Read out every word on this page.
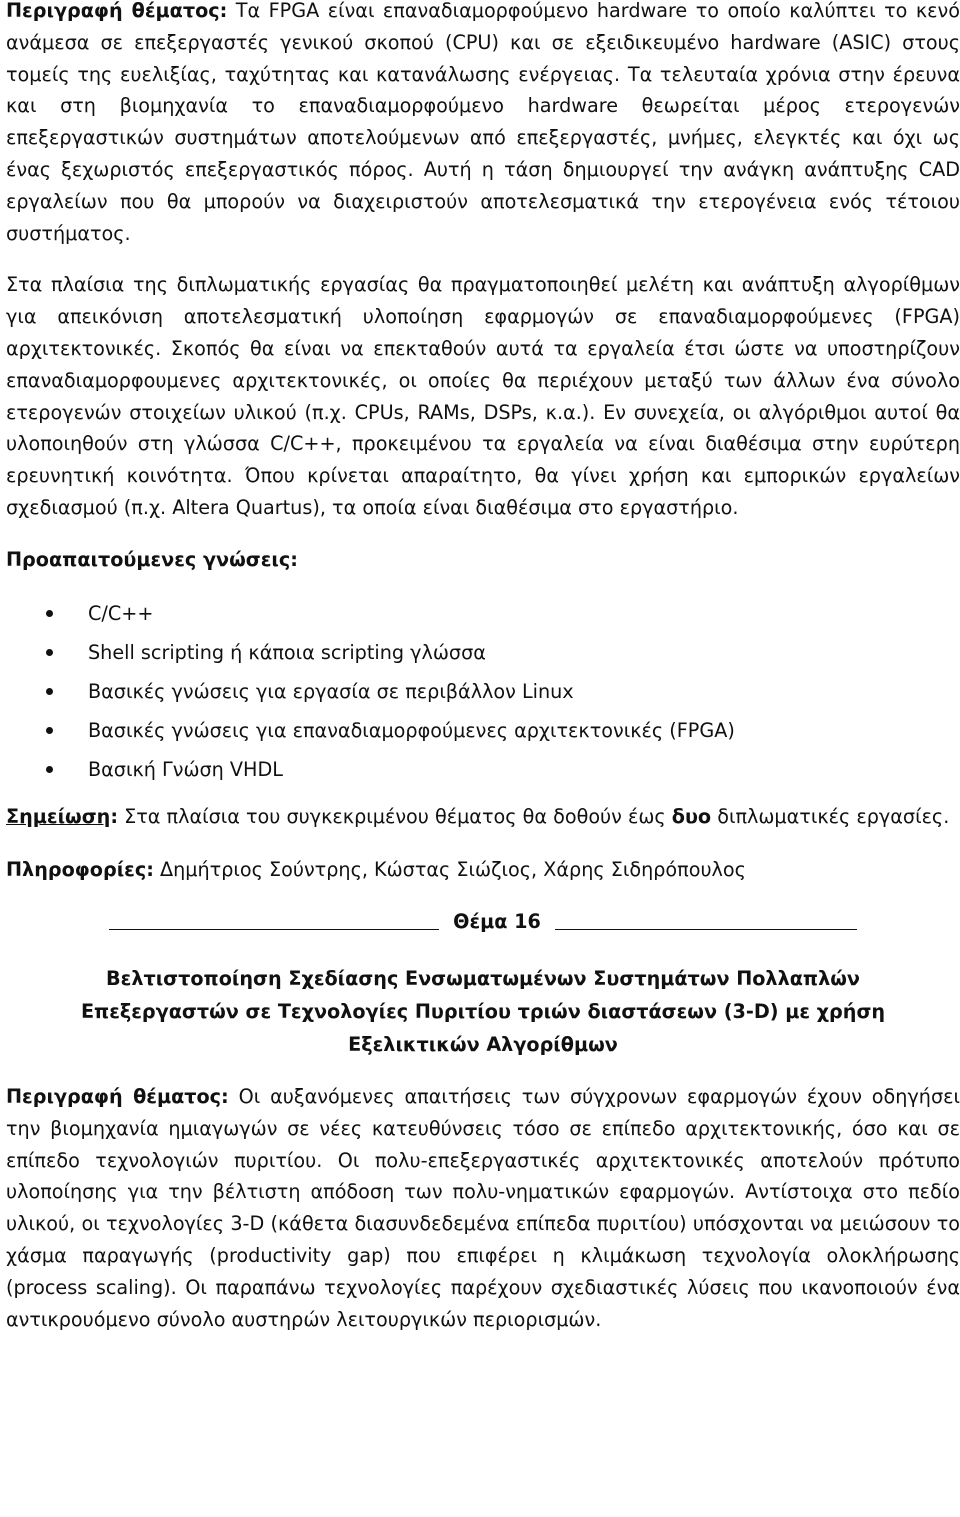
Περιγραφή θέματος: Τα FPGA είναι επαναδιαμορφούμενο hardware το οποίο καλύπτει το κενό ανάμεσα σε επεξεργαστές γενικού σκοπού (CPU) και σε εξειδικευμένο hardware (ASIC) στους τομείς της ευελιξίας, ταχύτητας και κατανάλωσης ενέργειας. Τα τελευταία χρόνια στην έρευνα και στη βιομηχανία το επαναδιαμορφούμενο hardware θεωρείται μέρος ετερογενών επεξεργαστικών συστημάτων αποτελούμενων από επεξεργαστές, μνήμες, ελεγκτές και όχι ως ένας ξεχωριστός επεξεργαστικός πόρος. Αυτή η τάση δημιουργεί την ανάγκη ανάπτυξης CAD εργαλείων που θα μπορούν να διαχειριστούν αποτελεσματικά την ετερογένεια ενός τέτοιου συστήματος.

Στα πλαίσια της διπλωματικής εργασίας θα πραγματοποιηθεί μελέτη και ανάπτυξη αλγορίθμων για απεικόνιση αποτελεσματική υλοποίηση εφαρμογών σε επαναδιαμορφούμενες (FPGA) αρχιτεκτονικές. Σκοπός θα είναι να επεκταθούν αυτά τα εργαλεία έτσι ώστε να υποστηρίζουν επαναδιαμορφουμενες αρχιτεκτονικές, οι οποίες θα περιέχουν μεταξύ των άλλων ένα σύνολο ετερογενών στοιχείων υλικού (π.χ. CPUs, RAMs, DSPs, κ.α.). Εν συνεχεία, οι αλγόριθμοι αυτοί θα υλοποιηθούν στη γλώσσα C/C++, προκειμένου τα εργαλεία να είναι διαθέσιμα στην ευρύτερη ερευνητική κοινότητα. Όπου κρίνεται απαραίτητο, θα γίνει χρήση και εμπορικών εργαλείων σχεδιασμού (π.χ. Altera Quartus), τα οποία είναι διαθέσιμα στο εργαστήριο.

Προαπαιτούμενες γνώσεις:

C/C++
Shell scripting ή κάποια scripting γλώσσα
Βασικές γνώσεις για εργασία σε περιβάλλον Linux
Βασικές γνώσεις για επαναδιαμορφούμενες αρχιτεκτονικές (FPGA)
Βασική Γνώση VHDL

Σημείωση: Στα πλαίσια του συγκεκριμένου θέματος θα δοθούν έως δυο διπλωματικές εργασίες.

Πληροφορίες: Δημήτριος Σούντρης, Κώστας Σιώζιος, Χάρης Σιδηρόπουλος

Θέμα 16
Βελτιστοποίηση Σχεδίασης Ενσωματωμένων Συστημάτων Πολλαπλών
Επεξεργαστών σε Τεχνολογίες Πυριτίου τριών διαστάσεων (3-D) με χρήση
Εξελικτικών Αλγορίθμων

Περιγραφή θέματος: Οι αυξανόμενες απαιτήσεις των σύγχρονων εφαρμογών έχουν οδηγήσει την βιομηχανία ημιαγωγών σε νέες κατευθύνσεις τόσο σε επίπεδο αρχιτεκτονικής, όσο και σε επίπεδο τεχνολογιών πυριτίου. Οι πολυ-επεξεργαστικές αρχιτεκτονικές αποτελούν πρότυπο υλοποίησης για την βέλτιστη απόδοση των πολυ-νηματικών εφαρμογών. Αντίστοιχα στο πεδίο υλικού, οι τεχνολογίες 3-D (κάθετα διασυνδεδεμένα επίπεδα πυριτίου) υπόσχονται να μειώσουν το χάσμα παραγωγής (productivity gap) που επιφέρει η κλιμάκωση τεχνολογία ολοκλήρωσης (process scaling). Οι παραπάνω τεχνολογίες παρέχουν σχεδιαστικές λύσεις που ικανοποιούν ένα αντικρουόμενο σύνολο αυστηρών λειτουργικών περιορισμών.
